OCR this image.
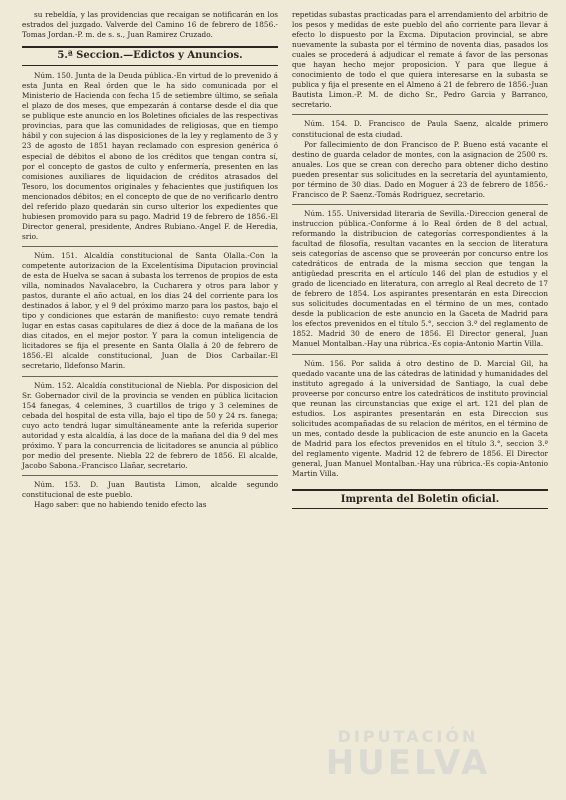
DIPUTACIÓN
HUELVA

su rebeldía, y las providencias que recaigan se notificarán en los estrados del juzgado. Valverde del Camino 16 de febrero de 1856.-Tomas Jordan.-P. m. de s. s., Juan Ramirez Cruzado.

5.ª Seccion.—Edictos y Anuncios.

Núm. 150. Junta de la Deuda pública.-En virtud de lo prevenido á esta Junta en Real órden que le ha sido comunicada por el Ministerio de Hacienda con fecha 15 de setiembre último, se señala el plazo de dos meses, que empezarán á contarse desde el dia que se publique este anuncio en los Boletines oficiales de las respectivas provincias, para que las comunidades de religiosas, que en tiempo hábil y con sujecion á las disposiciones de la ley y reglamento de 3 y 23 de agosto de 1851 hayan reclamado con espresion genérica ó especial de débitos el abono de los créditos que tengan contra sí, por el concepto de gastos de culto y enfermería, presenten en las comisiones auxiliares de liquidacion de créditos atrasados del Tesoro, los documentos originales y fehacientes que justifiquen los mencionados débitos; en el concepto de que de no verificarlo dentro del referido plazo quedarán sin curso ulterior los expedientes que hubiesen promovido para su pago. Madrid 19 de febrero de 1856.-El Director general, presidente, Andres Rubiano.-Angel F. de Heredia, srio.

Núm. 151. Alcaldía constitucional de Santa Olalla.-Con la competente autorizacion de la Excelentísima Diputacion provincial de esta de Huelva se sacan á subasta los terrenos de propios de esta villa, nominados Navalacebro, la Cucharera y otros para labor y pastos, durante el año actual, en los dias 24 del corriente para los destinados á labor, y el 9 del próximo marzo para los pastos, bajo el tipo y condiciones que estarán de manifiesto: cuyo remate tendrá lugar en estas casas capitulares de diez á doce de la mañana de los dias citados, en el mejor postor. Y para la comun inteligencia de licitadores se fija el presente en Santa Olalla á 20 de febrero de 1856.-El alcalde constitucional, Juan de Dios Carbailar.-El secretario, Ildefonso Marin.

Núm. 152. Alcaldía constitucional de Niebla. Por disposicion del Sr. Gobernador civil de la provincia se venden en pública licitacion 154 fanegas, 4 celemines, 3 cuartillos de trigo y 3 celemines de cebada del hospital de esta villa, bajo el tipo de 50 y 24 rs. fanega; cuyo acto tendrá lugar simultáneamente ante la referida superior autoridad y esta alcaldía, á las doce de la mañana del dia 9 del mes próximo. Y para la concurrencia de licitadores se anuncia al público por medio del presente. Niebla 22 de febrero de 1856. El alcalde, Jacobo Sabona.-Francisco Llañar, secretario.

Núm. 153. D. Juan Bautista Limon, alcalde segundo constitucional de este pueblo.

Hago saber: que no habiendo tenido efecto las

repetidas subastas practicadas para el arrendamiento del arbitrio de los pesos y medidas de este pueblo del año corriente para llevar á efecto lo dispuesto por la Excma. Diputacion provincial, se abre nuevamente la subasta por el término de noventa dias, pasados los cuales se procederá á adjudicar el remate á favor de las personas que hayan hecho mejor proposicion. Y para que llegue á conocimiento de todo el que quiera interesarse en la subasta se publica y fija el presente en el Almeno á 21 de febrero de 1856.-Juan Bautista Limon.-P. M. de dicho Sr., Pedro Garcia y Barranco, secretario.

Núm. 154. D. Francisco de Paula Saenz, alcalde primero constitucional de esta ciudad.

Por fallecimiento de don Francisco de P. Bueno está vacante el destino de guarda celador de montes, con la asignacion de 2500 rs. anuales. Los que se crean con derecho para obtener dicho destino pueden presentar sus solicitudes en la secretaría del ayuntamiento, por término de 30 dias. Dado en Moguer á 23 de febrero de 1856.-Francisco de P. Saenz.-Tomás Rodriguez, secretario.

Núm. 155. Universidad literaria de Sevilla.-Direccion general de instruccion pública.-Conforme á lo Real órden de 8 del actual, reformando la distribucion de categorías correspondientes á la facultad de filosofía, resultan vacantes en la seccion de literatura seis categorías de ascenso que se proveerán por concurso entre los catedráticos de entrada de la misma seccion que tengan la antigüedad prescrita en el artículo 146 del plan de estudios y el grado de licenciado en literatura, con arreglo al Real decreto de 17 de febrero de 1854. Los aspirantes presentarán en esta Direccion sus solicitudes documentadas en el término de un mes, contado desde la publicacion de este anuncio en la Gaceta de Madrid para los efectos prevenidos en el título 5.°, seccion 3.ª del reglamento de 1852. Madrid 30 de enero de 1856. El Director general, Juan Manuel Montalban.-Hay una rúbrica.-Es copia-Antonio Martin Villa.

Núm. 156. Por salida á otro destino de D. Marcial Gil, ha quedado vacante una de las cátedras de latinidad y humanidades del instituto agregado á la universidad de Santiago, la cual debe proveerse por concurso entre los catedráticos de instituto provincial que reunan las circunstancias que exige el art. 121 del plan de estudios. Los aspirantes presentarán en esta Direccion sus solicitudes acompañadas de su relacion de méritos, en el término de un mes, contado desde la publicacion de este anuncio en la Gaceta de Madrid para los efectos prevenidos en el título 3.°, seccion 3.ª del reglamento vigente. Madrid 12 de febrero de 1856. El Director general, Juan Manuel Montalban.-Hay una rúbrica.-Es copia-Antonio Martin Villa.

Imprenta del Boletin oficial.
